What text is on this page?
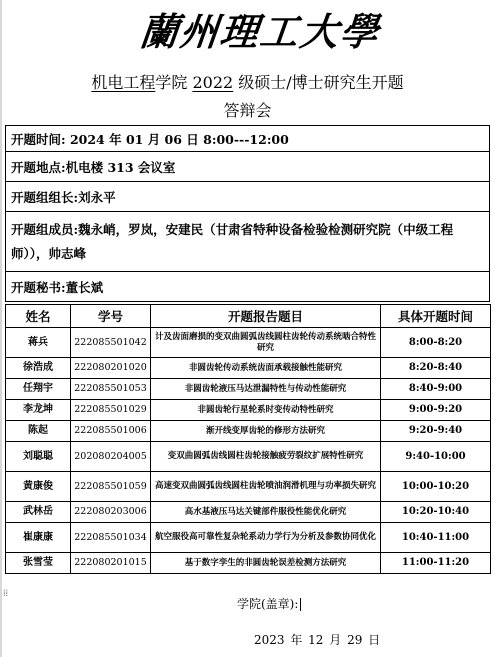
蘭州理工大學
机电工程学院 2022 级硕士/博士研究生开题
答辩会
开题时间: 2024 年 01 月 06 日 8:00---12:00
开题地点:机电楼 313 会议室
开题组组长:刘永平
开题组成员:魏永峭，罗岚，安建民（甘肃省特种设备检验检测研究院（中级工程师）），帅志峰
开题秘书:董长斌
姓名	学号	开题报告题目	具体开题时间
蒋兵	222085501042	计及齿面磨损的变双曲圆弧齿线圆柱齿轮传动系统啮合特性研究	8:00-8:20
徐浩成	222080201020	非圆齿轮传动系统齿面承载接触性能研究	8:20-8:40
任翔宇	222085501053	非圆齿轮液压马达泄漏特性与传动性能研究	8:40-9:00
李龙坤	222085501029	非圆齿轮行星轮系时变传动特性研究	9:00-9:20
陈起	222085501006	渐开线变厚齿轮的修形方法研究	9:20-9:40
刘聪聪	202080204005	变双曲圆弧齿线圆柱齿轮接触疲劳裂纹扩展特性研究	9:40-10:00
黄康俊	222085501059	高速变双曲圆弧齿线圆柱齿轮喷油润滑机理与功率损失研究	10:00-10:20
武林岳	222080203006	高水基液压马达关键部件服役性能优化研究	10:20-10:40
崔康康	222085501034	航空服役高可靠性复杂轮系动力学行为分析及参数协同优化	10:40-11:00
张雪莹	222080201015	基于数字孪生的非圆齿轮误差检测方法研究	11:00-11:20
⁞⁞
学院(盖章):
2023 年 12 月 29 日
